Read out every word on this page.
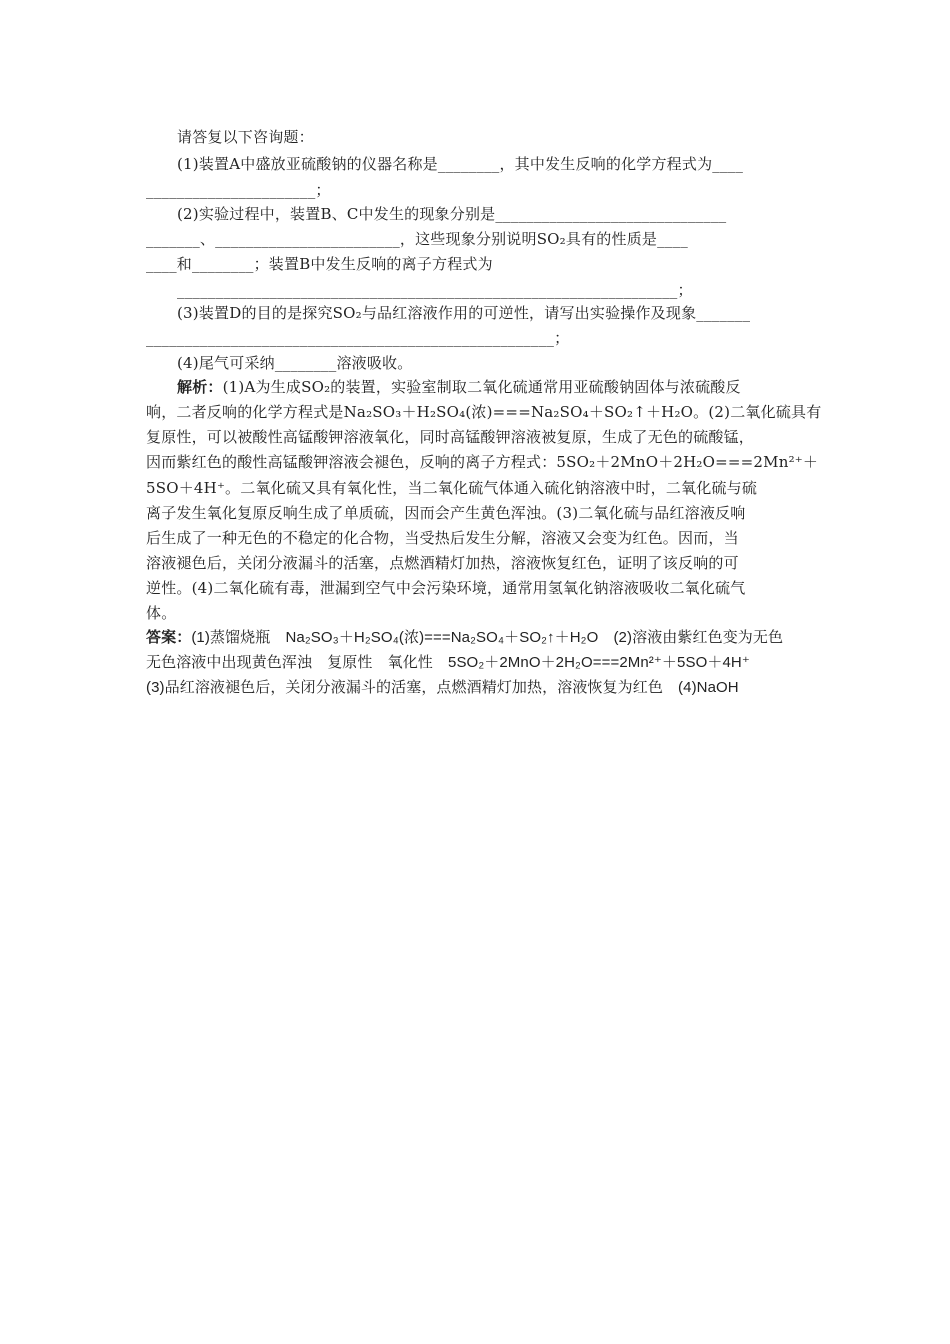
请答复以下咨询题：
(1)装置A中盛放亚硫酸钠的仪器名称是________，其中发生反响的化学方程式为____
______________________；
(2)实验过程中，装置B、C中发生的现象分别是______________________________
_______、________________________，这些现象分别说明SO₂具有的性质是____
____和________；装置B中发生反响的离子方程式为
_________________________________________________________________；
(3)装置D的目的是探究SO₂与品红溶液作用的可逆性，请写出实验操作及现象_______
_____________________________________________________；
(4)尾气可采纳________溶液吸收。
解析：(1)A为生成SO₂的装置，实验室制取二氧化硫通常用亚硫酸钠固体与浓硫酸反
响，二者反响的化学方程式是Na₂SO₃＋H₂SO₄(浓)===Na₂SO₄＋SO₂↑＋H₂O。(2)二氧化硫具有
复原性，可以被酸性高锰酸钾溶液氧化，同时高锰酸钾溶液被复原，生成了无色的硫酸锰，
因而紫红色的酸性高锰酸钾溶液会褪色，反响的离子方程式：5SO₂＋2MnO＋2H₂O===2Mn²⁺＋
5SO＋4H⁺。二氧化硫又具有氧化性，当二氧化硫气体通入硫化钠溶液中时，二氧化硫与硫
离子发生氧化复原反响生成了单质硫，因而会产生黄色浑浊。(3)二氧化硫与品红溶液反响
后生成了一种无色的不稳定的化合物，当受热后发生分解，溶液又会变为红色。因而，当
溶液褪色后，关闭分液漏斗的活塞，点燃酒精灯加热，溶液恢复红色，证明了该反响的可
逆性。(4)二氧化硫有毒，泄漏到空气中会污染环境，通常用氢氧化钠溶液吸收二氧化硫气
体。
答案：(1)蒸馏烧瓶　Na₂SO₃＋H₂SO₄(浓)===Na₂SO₄＋SO₂↑＋H₂O　(2)溶液由紫红色变为无色
无色溶液中出现黄色浑浊　复原性　氧化性　5SO₂＋2MnO＋2H₂O===2Mn²⁺＋5SO＋4H⁺
(3)品红溶液褪色后，关闭分液漏斗的活塞，点燃酒精灯加热，溶液恢复为红色　(4)NaOH
